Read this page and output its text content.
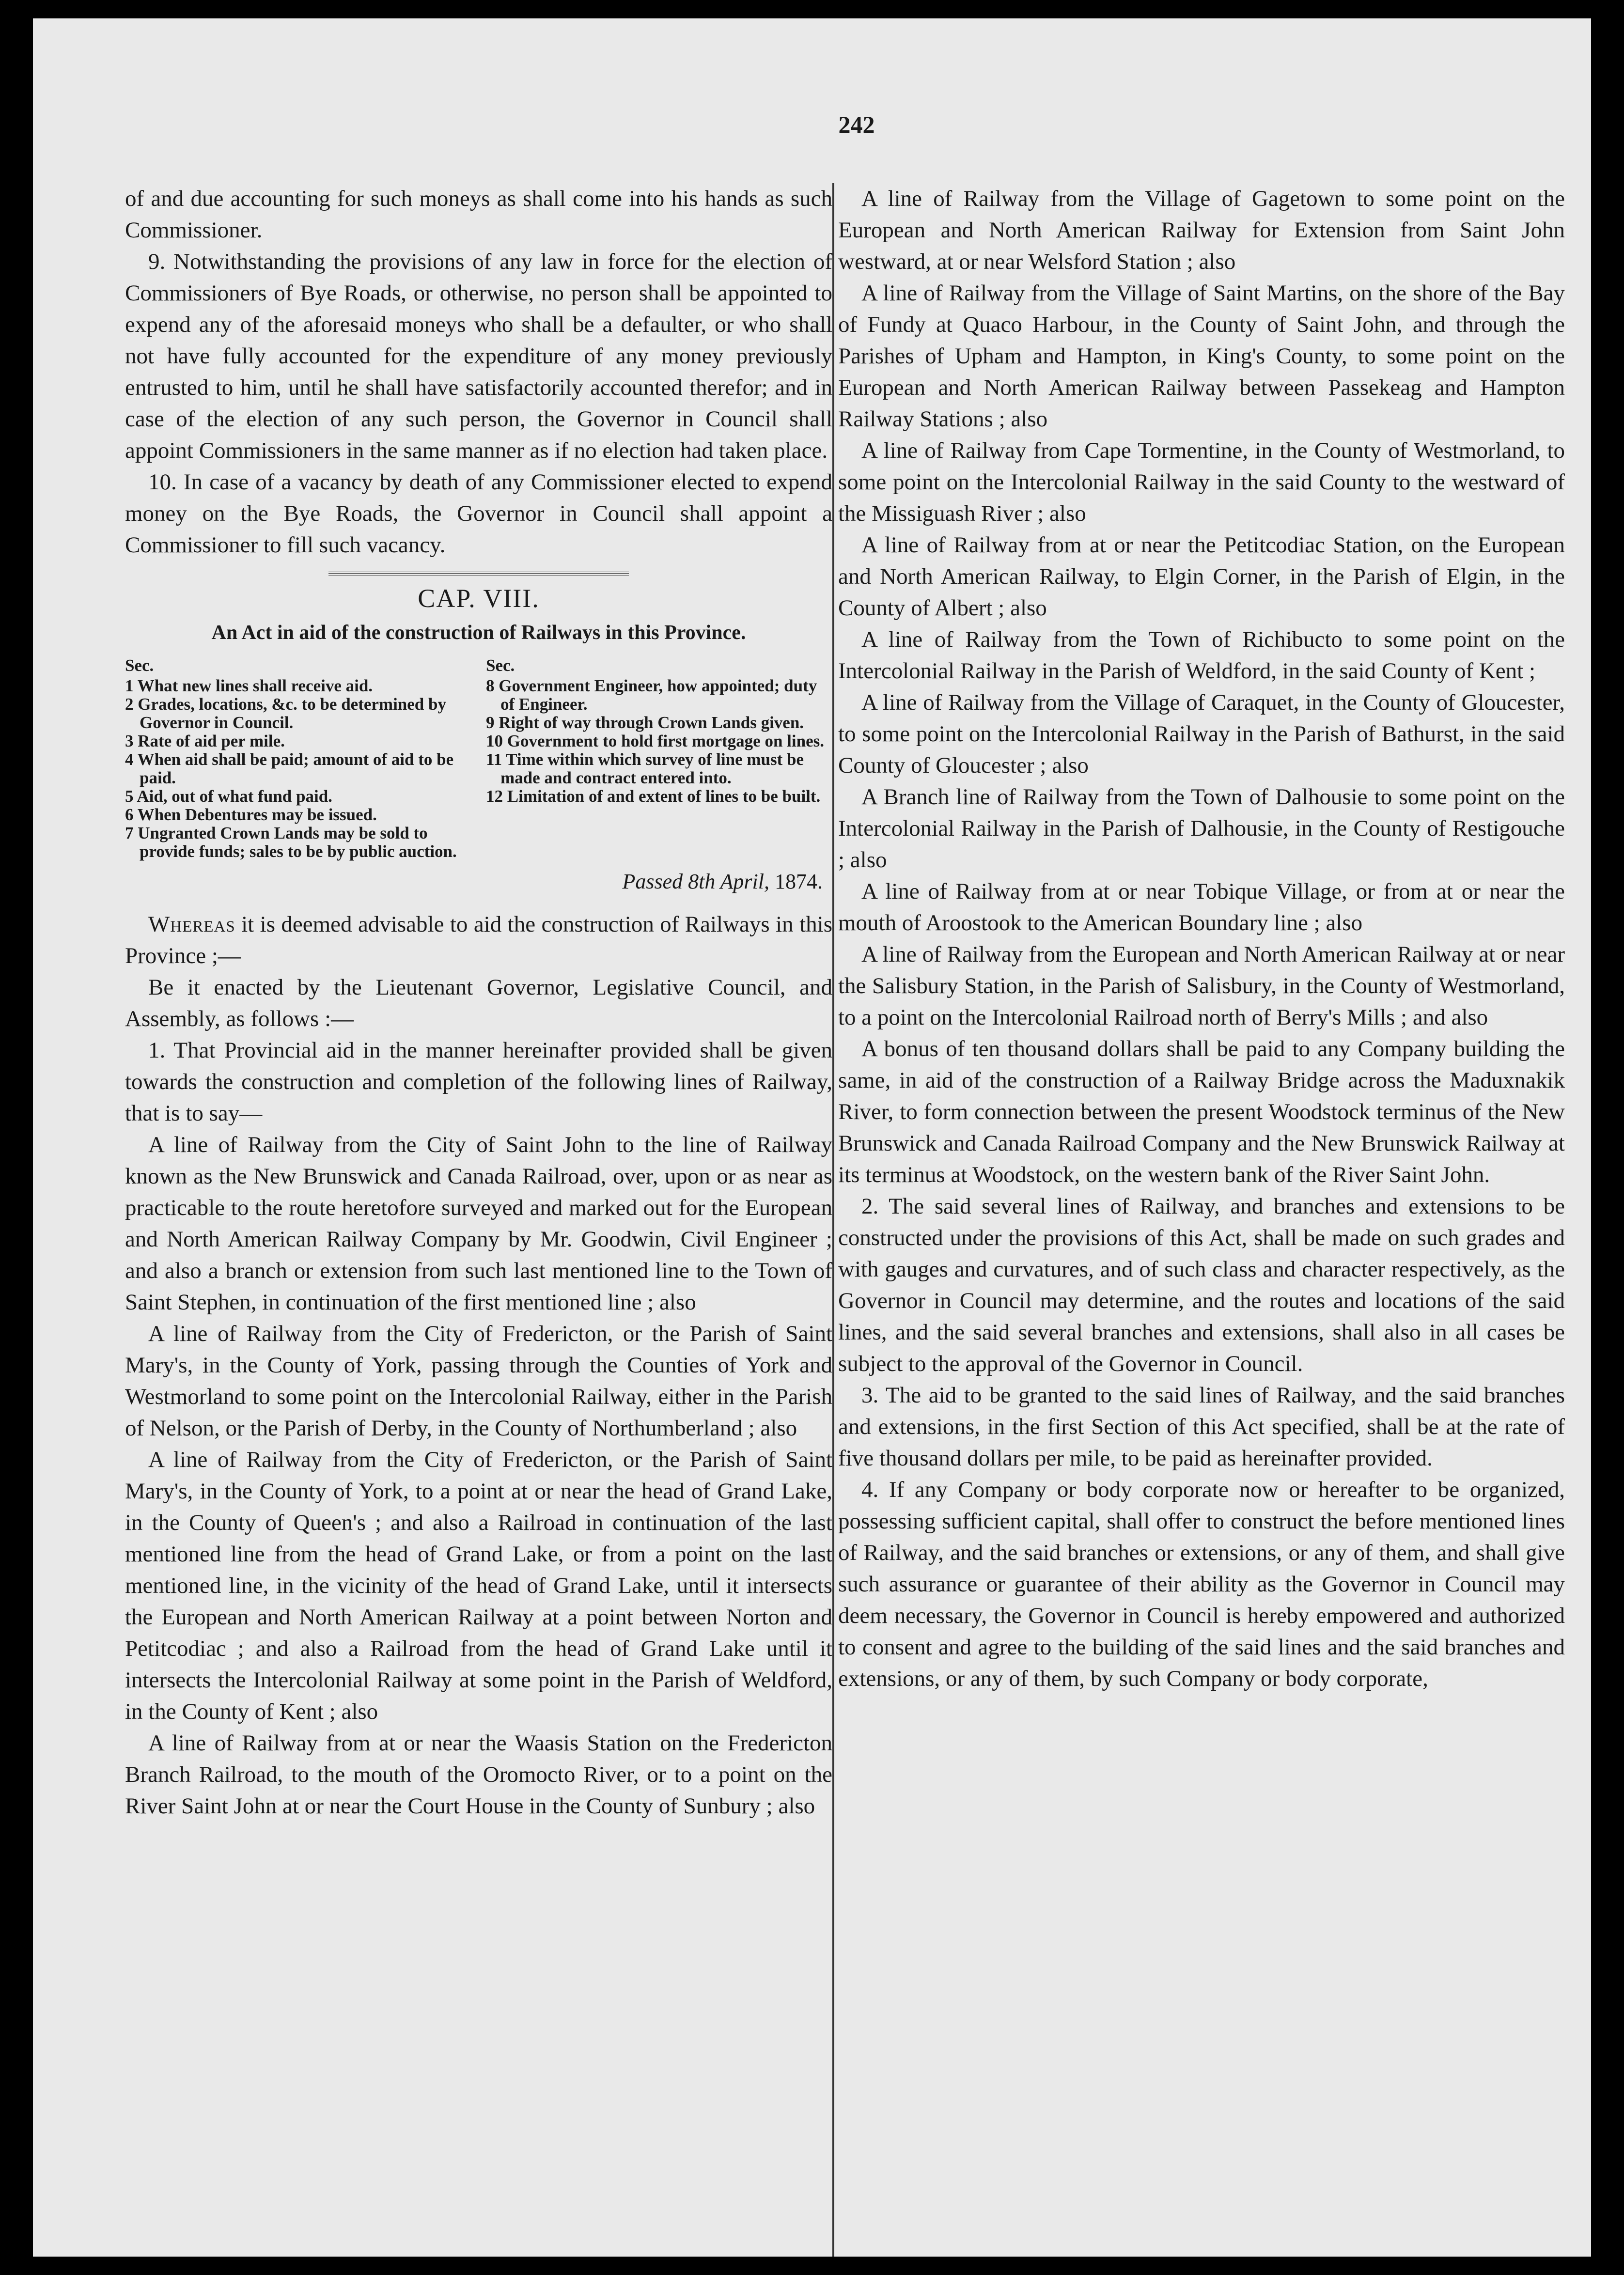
242

of and due accounting for such moneys as shall come into his hands as such Commissioner.

9. Notwithstanding the provisions of any law in force for the election of Commissioners of Bye Roads, or otherwise, no person shall be appointed to expend any of the aforesaid moneys who shall be a defaulter, or who shall not have fully accounted for the expenditure of any money previously entrusted to him, until he shall have satisfactorily accounted therefor; and in case of the election of any such person, the Governor in Council shall appoint Commissioners in the same manner as if no election had taken place.

10. In case of a vacancy by death of any Commissioner elected to expend money on the Bye Roads, the Governor in Council shall appoint a Commissioner to fill such vacancy.

CAP. VIII.
An Act in aid of the construction of Railways in this Province.
Sec.
1 What new lines shall receive aid.
2 Grades, locations, &c. to be determined by Governor in Council.
3 Rate of aid per mile.
4 When aid shall be paid; amount of aid to be paid.
5 Aid, out of what fund paid.
6 When Debentures may be issued.
7 Ungranted Crown Lands may be sold to provide funds; sales to be by public auction.
Sec.
8 Government Engineer, how appointed; duty of Engineer.
9 Right of way through Crown Lands given.
10 Government to hold first mortgage on lines.
11 Time within which survey of line must be made and contract entered into.
12 Limitation of and extent of lines to be built.
Passed 8th April, 1874.

Whereas it is deemed advisable to aid the construction of Railways in this Province ;—

Be it enacted by the Lieutenant Governor, Legislative Council, and Assembly, as follows :—

1. That Provincial aid in the manner hereinafter provided shall be given towards the construction and completion of the following lines of Railway, that is to say—

A line of Railway from the City of Saint John to the line of Railway known as the New Brunswick and Canada Railroad, over, upon or as near as practicable to the route heretofore surveyed and marked out for the European and North American Railway Company by Mr. Goodwin, Civil Engineer ; and also a branch or extension from such last mentioned line to the Town of Saint Stephen, in continuation of the first mentioned line ; also

A line of Railway from the City of Fredericton, or the Parish of Saint Mary's, in the County of York, passing through the Counties of York and Westmorland to some point on the Intercolonial Railway, either in the Parish of Nelson, or the Parish of Derby, in the County of Northumberland ; also

A line of Railway from the City of Fredericton, or the Parish of Saint Mary's, in the County of York, to a point at or near the head of Grand Lake, in the County of Queen's ; and also a Railroad in continuation of the last mentioned line from the head of Grand Lake, or from a point on the last mentioned line, in the vicinity of the head of Grand Lake, until it intersects the European and North American Railway at a point between Norton and Petitcodiac ; and also a Railroad from the head of Grand Lake until it intersects the Intercolonial Railway at some point in the Parish of Weldford, in the County of Kent ; also

A line of Railway from at or near the Waasis Station on the Fredericton Branch Railroad, to the mouth of the Oromocto River, or to a point on the River Saint John at or near the Court House in the County of Sunbury ; also

A line of Railway from the Village of Gagetown to some point on the European and North American Railway for Extension from Saint John westward, at or near Welsford Station ; also

A line of Railway from the Village of Saint Martins, on the shore of the Bay of Fundy at Quaco Harbour, in the County of Saint John, and through the Parishes of Upham and Hampton, in King's County, to some point on the European and North American Railway between Passekeag and Hampton Railway Stations ; also

A line of Railway from Cape Tormentine, in the County of Westmorland, to some point on the Intercolonial Railway in the said County to the westward of the Missiguash River ; also

A line of Railway from at or near the Petitcodiac Station, on the European and North American Railway, to Elgin Corner, in the Parish of Elgin, in the County of Albert ; also

A line of Railway from the Town of Richibucto to some point on the Intercolonial Railway in the Parish of Weldford, in the said County of Kent ;

A line of Railway from the Village of Caraquet, in the County of Gloucester, to some point on the Intercolonial Railway in the Parish of Bathurst, in the said County of Gloucester ; also

A Branch line of Railway from the Town of Dalhousie to some point on the Intercolonial Railway in the Parish of Dalhousie, in the County of Restigouche ; also

A line of Railway from at or near Tobique Village, or from at or near the mouth of Aroostook to the American Boundary line ; also

A line of Railway from the European and North American Railway at or near the Salisbury Station, in the Parish of Salisbury, in the County of Westmorland, to a point on the Intercolonial Railroad north of Berry's Mills ; and also

A bonus of ten thousand dollars shall be paid to any Company building the same, in aid of the construction of a Railway Bridge across the Maduxnakik River, to form connection between the present Woodstock terminus of the New Brunswick and Canada Railroad Company and the New Brunswick Railway at its terminus at Woodstock, on the western bank of the River Saint John.

2. The said several lines of Railway, and branches and extensions to be constructed under the provisions of this Act, shall be made on such grades and with gauges and curvatures, and of such class and character respectively, as the Governor in Council may determine, and the routes and locations of the said lines, and the said several branches and extensions, shall also in all cases be subject to the approval of the Governor in Council.

3. The aid to be granted to the said lines of Railway, and the said branches and extensions, in the first Section of this Act specified, shall be at the rate of five thousand dollars per mile, to be paid as hereinafter provided.

4. If any Company or body corporate now or hereafter to be organized, possessing sufficient capital, shall offer to construct the before mentioned lines of Railway, and the said branches or extensions, or any of them, and shall give such assurance or guarantee of their ability as the Governor in Council may deem necessary, the Governor in Council is hereby empowered and authorized to consent and agree to the building of the said lines and the said branches and extensions, or any of them, by such Company or body corporate,
